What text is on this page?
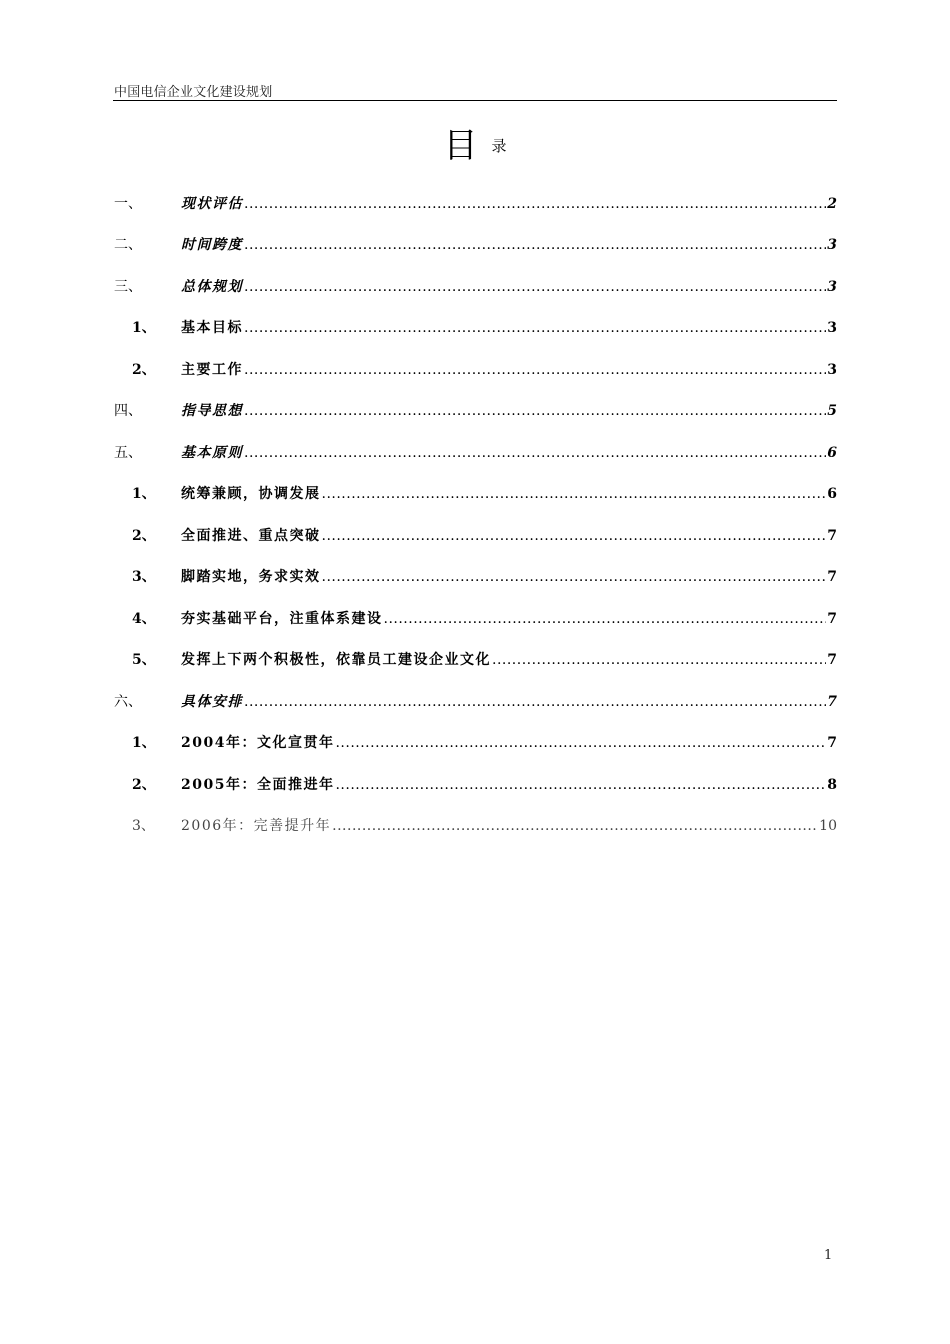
中国电信企业文化建设规划
目录
一、	现状评估 .....	2
二、	时间跨度 .....	3
三、	总体规划 .....	3
1、 基本目标 .....	3
2、 主要工作 .....	3
四、	指导思想 .....	5
五、	基本原则 .....	6
1、 统筹兼顾，协调发展 .....	6
2、 全面推进、重点突破 .....	7
3、 脚踏实地，务求实效 .....	7
4、 夯实基础平台，注重体系建设 .....	7
5、 发挥上下两个积极性，依靠员工建设企业文化 .....	7
六、	具体安排 .....	7
1、 2004年：文化宣贯年 .....	7
2、 2005年：全面推进年 .....	8
3、 2006年：完善提升年 .....	10
1
